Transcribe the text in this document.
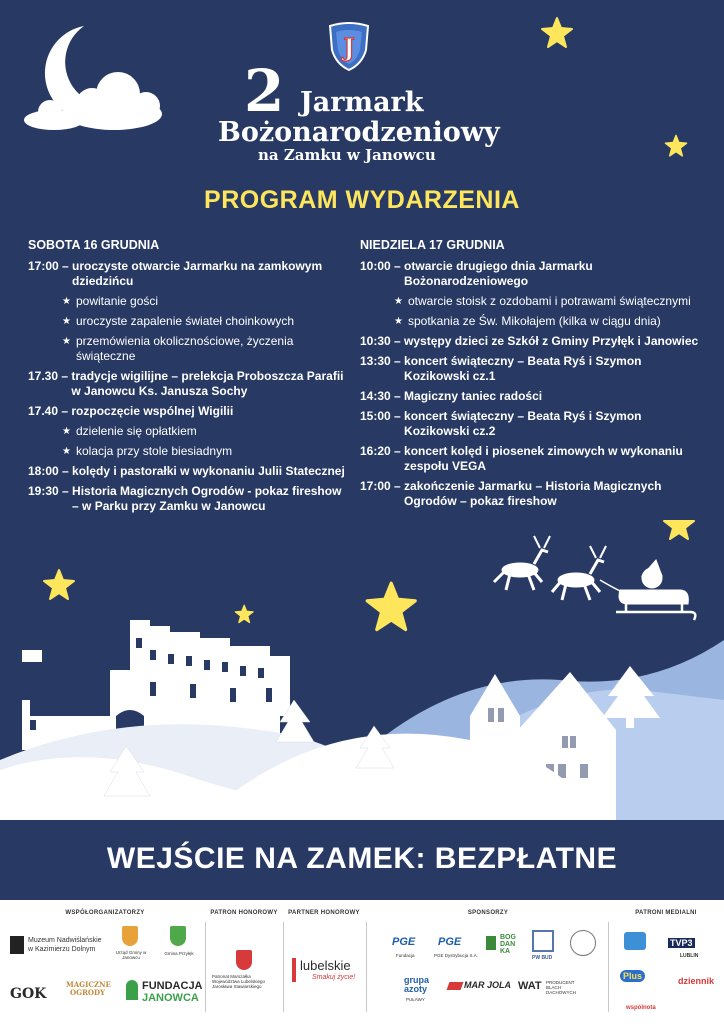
J
2 Jarmark
Bożonarodzeniowy
na Zamku w Janowcu
PROGRAM WYDARZENIA
SOBOTA 16 GRUDNIA
17:00 – uroczyste otwarcie Jarmarku na zamkowym dziedzińcu
★ powitanie gości
★ uroczyste zapalenie świateł choinkowych
★ przemówienia okolicznościowe, życzenia świąteczne
17.30 – tradycje wigilijne – prelekcja Proboszcza Parafii w Janowcu Ks. Janusza Sochy
17.40 – rozpoczęcie wspólnej Wigilii
★ dzielenie się opłatkiem
★ kolacja przy stole biesiadnym
18:00 – kolędy i pastorałki w wykonaniu Julii Statecznej
19:30 – Historia Magicznych Ogrodów - pokaz fireshow – w Parku przy Zamku w Janowcu
NIEDZIELA 17 GRUDNIA
10:00 – otwarcie drugiego dnia Jarmarku Bożonarodzeniowego
★ otwarcie stoisk z ozdobami i potrawami świątecznymi
★ spotkania ze Św. Mikołajem (kilka w ciągu dnia)
10:30 – występy dzieci ze Szkół z Gminy Przyłęk i Janowiec
13:30 – koncert świąteczny – Beata Ryś i Szymon Kozikowski cz.1
14:30 – Magiczny taniec radości
15:00 – koncert świąteczny – Beata Ryś i Szymon Kozikowski cz.2
16:20 – koncert kolęd i piosenek zimowych w wykonaniu zespołu VEGA
17:00 – zakończenie Jarmarku – Historia Magicznych Ogrodów – pokaz fireshow
WEJŚCIE NA ZAMEK: BEZPŁATNE
WSPÓŁORGANIZATORZY	PATRON HONOROWY	PARTNER HONOROWY	SPONSORZY	PATRONI MEDIALNI
Muzeum Nadwiślańskie
w Kazimierzu Dolnym	Urząd Gminy w Janowcu
Gmina Przyłęk
GOK
MAGICZNE
OGRODY
FUNDACJA
JANOWCA
Patronat Marszałka
Województwa Lubelskiego
Jarosława Stawiarskiego
lubelskie
Smakuj życie!
PGE
Fundacja
PGE
PGE Dystrybucja S.A.
BOG DAN KA
PW BUD
grupa
azoty
PUŁAWY
MAR JOLA WAT PRODUCENT BLACH DACHOWYCH
TVP3
LUBLIN
Plus	dziennik
wspólnota
